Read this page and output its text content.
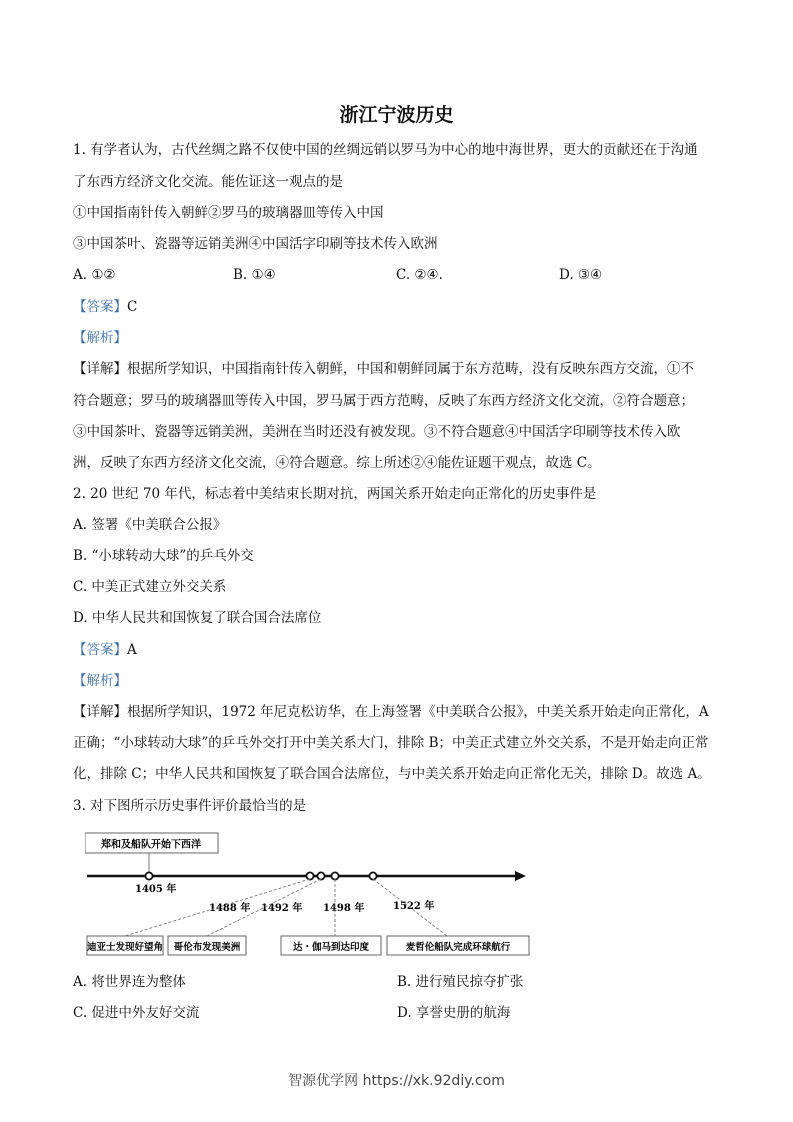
浙江宁波历史
1. 有学者认为，古代丝绸之路不仅使中国的丝绸远销以罗马为中心的地中海世界，更大的贡献还在于沟通
了东西方经济文化交流。能佐证这一观点的是
①中国指南针传入朝鲜②罗马的玻璃器皿等传入中国
③中国茶叶、瓷器等远销美洲④中国活字印刷等技术传入欧洲
A. ①②	B. ①④	C. ②④.	D. ③④
【答案】C
【解析】
【详解】根据所学知识，中国指南针传入朝鲜，中国和朝鲜同属于东方范畴，没有反映东西方交流，①不
符合题意；罗马的玻璃器皿等传入中国，罗马属于西方范畴，反映了东西方经济文化交流，②符合题意；
③中国茶叶、瓷器等远销美洲，美洲在当时还没有被发现。③不符合题意④中国活字印刷等技术传入欧
洲，反映了东西方经济文化交流，④符合题意。综上所述②④能佐证题干观点，故选 C。
2. 20 世纪 70 年代，标志着中美结束长期对抗，两国关系开始走向正常化的历史事件是
A. 签署《中美联合公报》
B. “小球转动大球”的乒乓外交
C. 中美正式建立外交关系
D. 中华人民共和国恢复了联合国合法席位
【答案】A
【解析】
【详解】根据所学知识，1972 年尼克松访华，在上海签署《中美联合公报》，中美关系开始走向正常化，A
正确；“小球转动大球”的乒乓外交打开中美关系大门，排除 B；中美正式建立外交关系，不是开始走向正常
化，排除 C；中华人民共和国恢复了联合国合法席位，与中美关系开始走向正常化无关，排除 D。故选 A。
3. 对下图所示历史事件评价最恰当的是
郑和及船队开始下西洋
1405 年
1488 年 1492 年 1498 年	1522 年
迪亚士发现好望角 哥伦布发现美洲	达・伽马到达印度	麦哲伦船队完成环球航行
A. 将世界连为整体	B. 进行殖民掠夺扩张
C. 促进中外友好交流	D. 享誉史册的航海
智源优学网 https://xk.92diy.com
